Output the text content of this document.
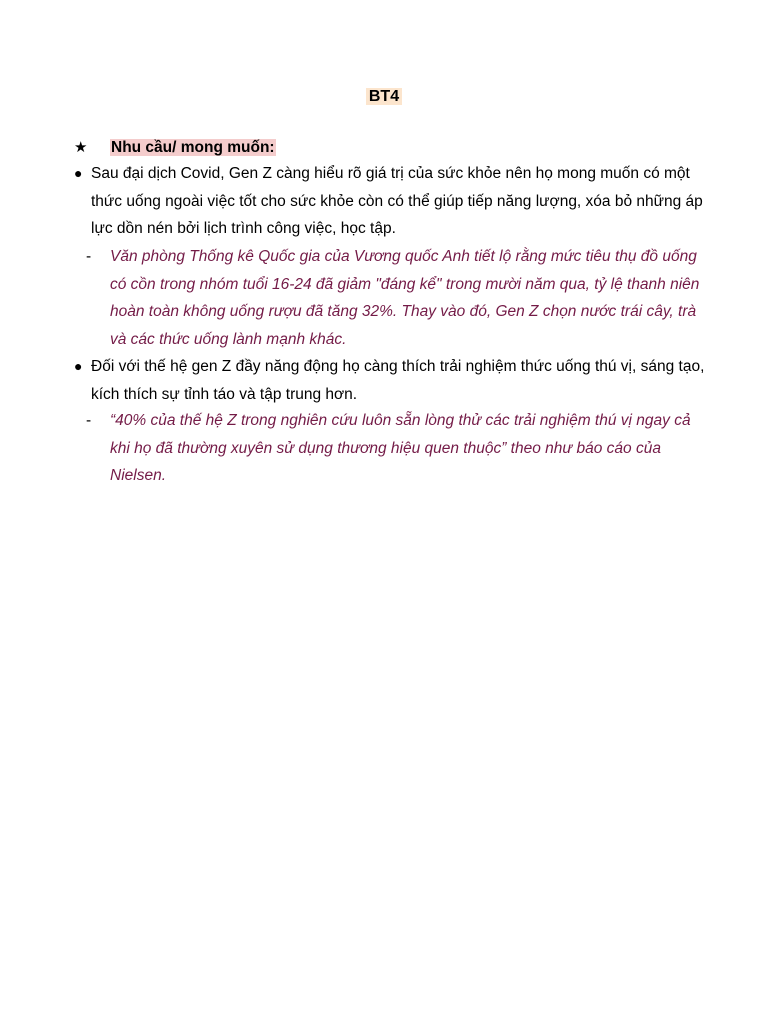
BT4
★ Nhu cầu/ mong muốn:
● Sau đại dịch Covid, Gen Z càng hiểu rõ giá trị của sức khỏe nên họ mong muốn có một thức uống ngoài việc tốt cho sức khỏe còn có thể giúp tiếp năng lượng, xóa bỏ những áp lực dồn nén bởi lịch trình công việc, học tập.
-	Văn phòng Thống kê Quốc gia của Vương quốc Anh tiết lộ rằng mức tiêu thụ đồ uống có cồn trong nhóm tuổi 16-24 đã giảm "đáng kể" trong mười năm qua, tỷ lệ thanh niên hoàn toàn không uống rượu đã tăng 32%. Thay vào đó, Gen Z chọn nước trái cây, trà và các thức uống lành mạnh khác.
● Đối với thế hệ gen Z đầy năng động họ càng thích trải nghiệm thức uống thú vị, sáng tạo, kích thích sự tỉnh táo và tập trung hơn.
-	“40% của thế hệ Z trong nghiên cứu luôn sẵn lòng thử các trải nghiệm thú vị ngay cả khi họ đã thường xuyên sử dụng thương hiệu quen thuộc” theo như báo cáo của Nielsen.
